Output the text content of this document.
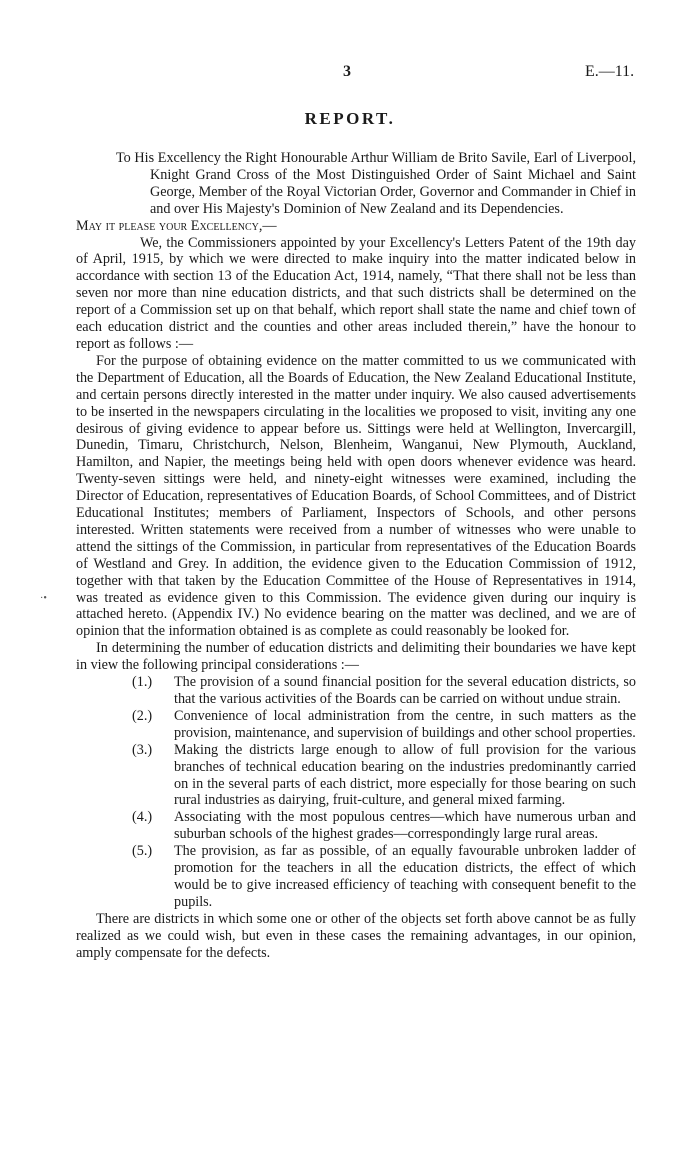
3	E.—11.
REPORT.

To His Excellency the Right Honourable Arthur William de Brito Savile, Earl of Liverpool, Knight Grand Cross of the Most Distinguished Order of Saint Michael and Saint George, Member of the Royal Victorian Order, Governor and Commander in Chief in and over His Majesty's Dominion of New Zealand and its Dependencies.

May it please your Excellency,—

We, the Commissioners appointed by your Excellency's Letters Patent of the 19th day of April, 1915, by which we were directed to make inquiry into the matter indicated below in accordance with section 13 of the Education Act, 1914, namely, “That there shall not be less than seven nor more than nine education districts, and that such districts shall be determined on the report of a Commission set up on that behalf, which report shall state the name and chief town of each education district and the counties and other areas included therein,” have the honour to report as follows :—

For the purpose of obtaining evidence on the matter committed to us we communicated with the Department of Education, all the Boards of Education, the New Zealand Educational Institute, and certain persons directly interested in the matter under inquiry. We also caused advertisements to be inserted in the newspapers circulating in the localities we proposed to visit, inviting any one desirous of giving evidence to appear before us. Sittings were held at Wellington, Invercargill, Dunedin, Timaru, Christchurch, Nelson, Blenheim, Wanganui, New Plymouth, Auckland, Hamilton, and Napier, the meetings being held with open doors whenever evidence was heard. Twenty-seven sittings were held, and ninety-eight witnesses were examined, including the Director of Education, representatives of Education Boards, of School Committees, and of District Educational Institutes; members of Parliament, Inspectors of Schools, and other persons interested. Written statements were received from a number of witnesses who were unable to attend the sittings of the Commission, in particular from representatives of the Education Boards of Westland and Grey. In addition, the evidence given to the Education Commission of 1912, together with that taken by the Education Committee of the House of Representatives in 1914, was treated as evidence given to this Commission. The evidence given during our inquiry is attached hereto. (Appendix IV.) No evidence bearing on the matter was declined, and we are of opinion that the information obtained is as complete as could reasonably be looked for.

In determining the number of education districts and delimiting their boundaries we have kept in view the following principal considerations :—

(1.) The provision of a sound financial position for the several education districts, so that the various activities of the Boards can be carried on without undue strain.
(2.) Convenience of local administration from the centre, in such matters as the provision, maintenance, and supervision of buildings and other school properties.
(3.) Making the districts large enough to allow of full provision for the various branches of technical education bearing on the industries predominantly carried on in the several parts of each district, more especially for those bearing on such rural industries as dairying, fruit-culture, and general mixed farming.
(4.) Associating with the most populous centres—which have numerous urban and suburban schools of the highest grades—correspondingly large rural areas.
(5.) The provision, as far as possible, of an equally favourable unbroken ladder of promotion for the teachers in all the education districts, the effect of which would be to give increased efficiency of teaching with consequent benefit to the pupils.

There are districts in which some one or other of the objects set forth above cannot be as fully realized as we could wish, but even in these cases the remaining advantages, in our opinion, amply compensate for the defects.

·•
